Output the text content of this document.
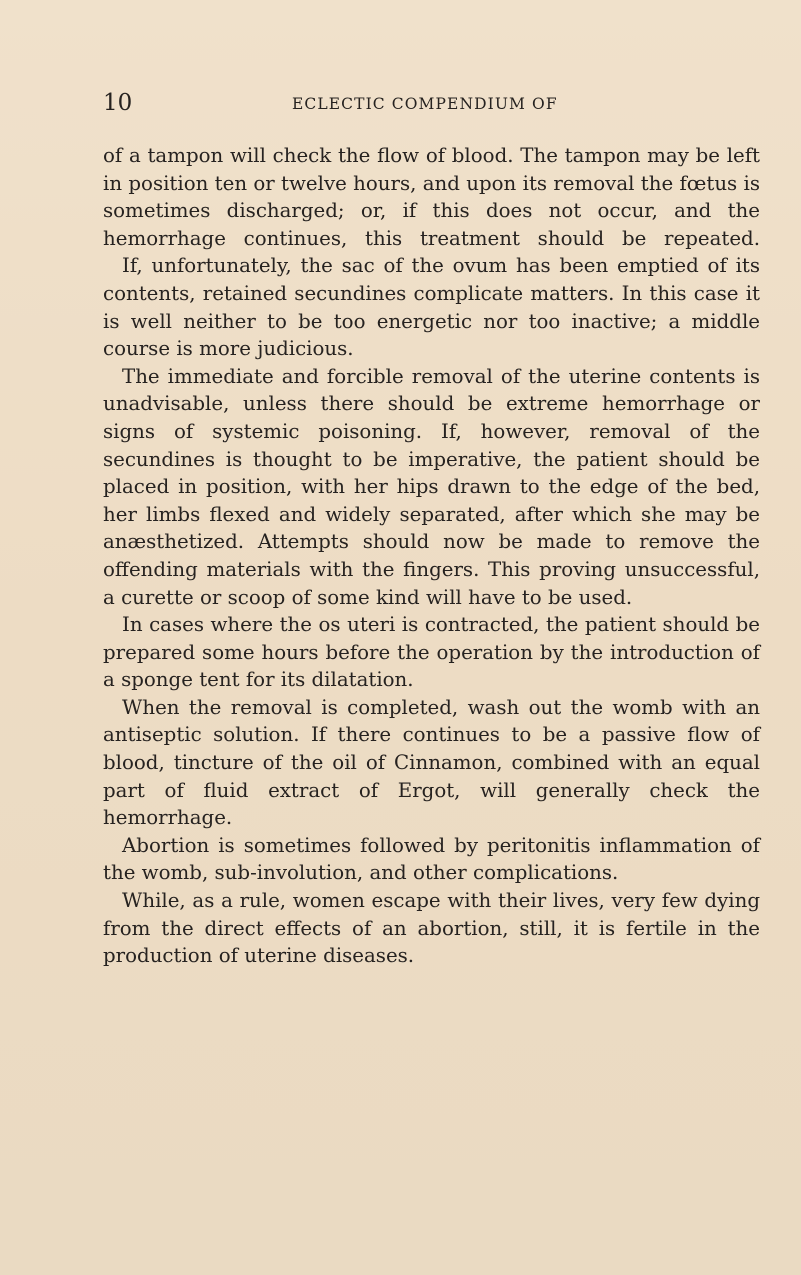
10	ECLECTIC COMPENDIUM OF

of a tampon will check the flow of blood. The tampon may be left in position ten or twelve hours, and upon its removal the fœtus is sometimes discharged; or, if this does not occur, and the hemorrhage continues, this treatment should be repeated.

If, unfortunately, the sac of the ovum has been emptied of its contents, retained secundines complicate matters. In this case it is well neither to be too energetic nor too inactive; a middle course is more judicious.

The immediate and forcible removal of the uterine contents is unadvisable, unless there should be extreme hemorrhage or signs of systemic poisoning. If, however, removal of the secundines is thought to be imperative, the patient should be placed in position, with her hips drawn to the edge of the bed, her limbs flexed and widely separated, after which she may be anæsthetized. Attempts should now be made to remove the offending materials with the fingers. This proving unsuccessful, a curette or scoop of some kind will have to be used.

In cases where the os uteri is contracted, the patient should be prepared some hours before the operation by the introduction of a sponge tent for its dilatation.

When the removal is completed, wash out the womb with an antiseptic solution. If there continues to be a passive flow of blood, tincture of the oil of Cinnamon, combined with an equal part of fluid extract of Ergot, will generally check the hemorrhage.

Abortion is sometimes followed by peritonitis inflammation of the womb, sub-involution, and other complications.

While, as a rule, women escape with their lives, very few dying from the direct effects of an abortion, still, it is fertile in the production of uterine diseases.
